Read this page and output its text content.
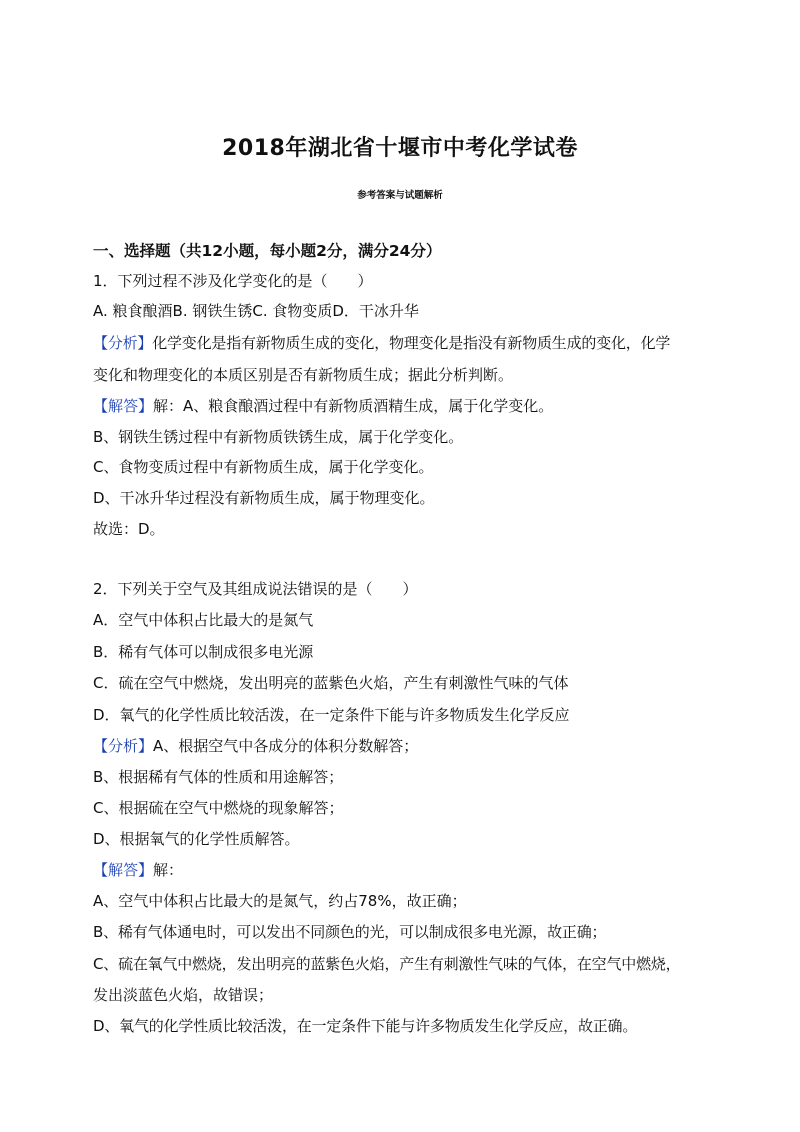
2018年湖北省十堰市中考化学试卷
参考答案与试题解析
一、选择题（共12小题，每小题2分，满分24分）
1．下列过程不涉及化学变化的是（　　）
A. 粮食酿酒B. 钢铁生锈C. 食物变质D．干冰升华
【分析】化学变化是指有新物质生成的变化，物理变化是指没有新物质生成的变化，化学
变化和物理变化的本质区别是否有新物质生成；据此分析判断。
【解答】解：A、粮食酿酒过程中有新物质酒精生成，属于化学变化。
B、钢铁生锈过程中有新物质铁锈生成，属于化学变化。
C、食物变质过程中有新物质生成，属于化学变化。
D、干冰升华过程没有新物质生成，属于物理变化。
故选：D。
2．下列关于空气及其组成说法错误的是（　　）
A．空气中体积占比最大的是氮气
B．稀有气体可以制成很多电光源
C．硫在空气中燃烧，发出明亮的蓝紫色火焰，产生有刺激性气味的气体
D．氧气的化学性质比较活泼，在一定条件下能与许多物质发生化学反应
【分析】A、根据空气中各成分的体积分数解答；
B、根据稀有气体的性质和用途解答；
C、根据硫在空气中燃烧的现象解答；
D、根据氧气的化学性质解答。
【解答】解：
A、空气中体积占比最大的是氮气，约占78%，故正确；
B、稀有气体通电时，可以发出不同颜色的光，可以制成很多电光源，故正确；
C、硫在氧气中燃烧，发出明亮的蓝紫色火焰，产生有刺激性气味的气体，在空气中燃烧，
发出淡蓝色火焰，故错误；
D、氧气的化学性质比较活泼，在一定条件下能与许多物质发生化学反应，故正确。
